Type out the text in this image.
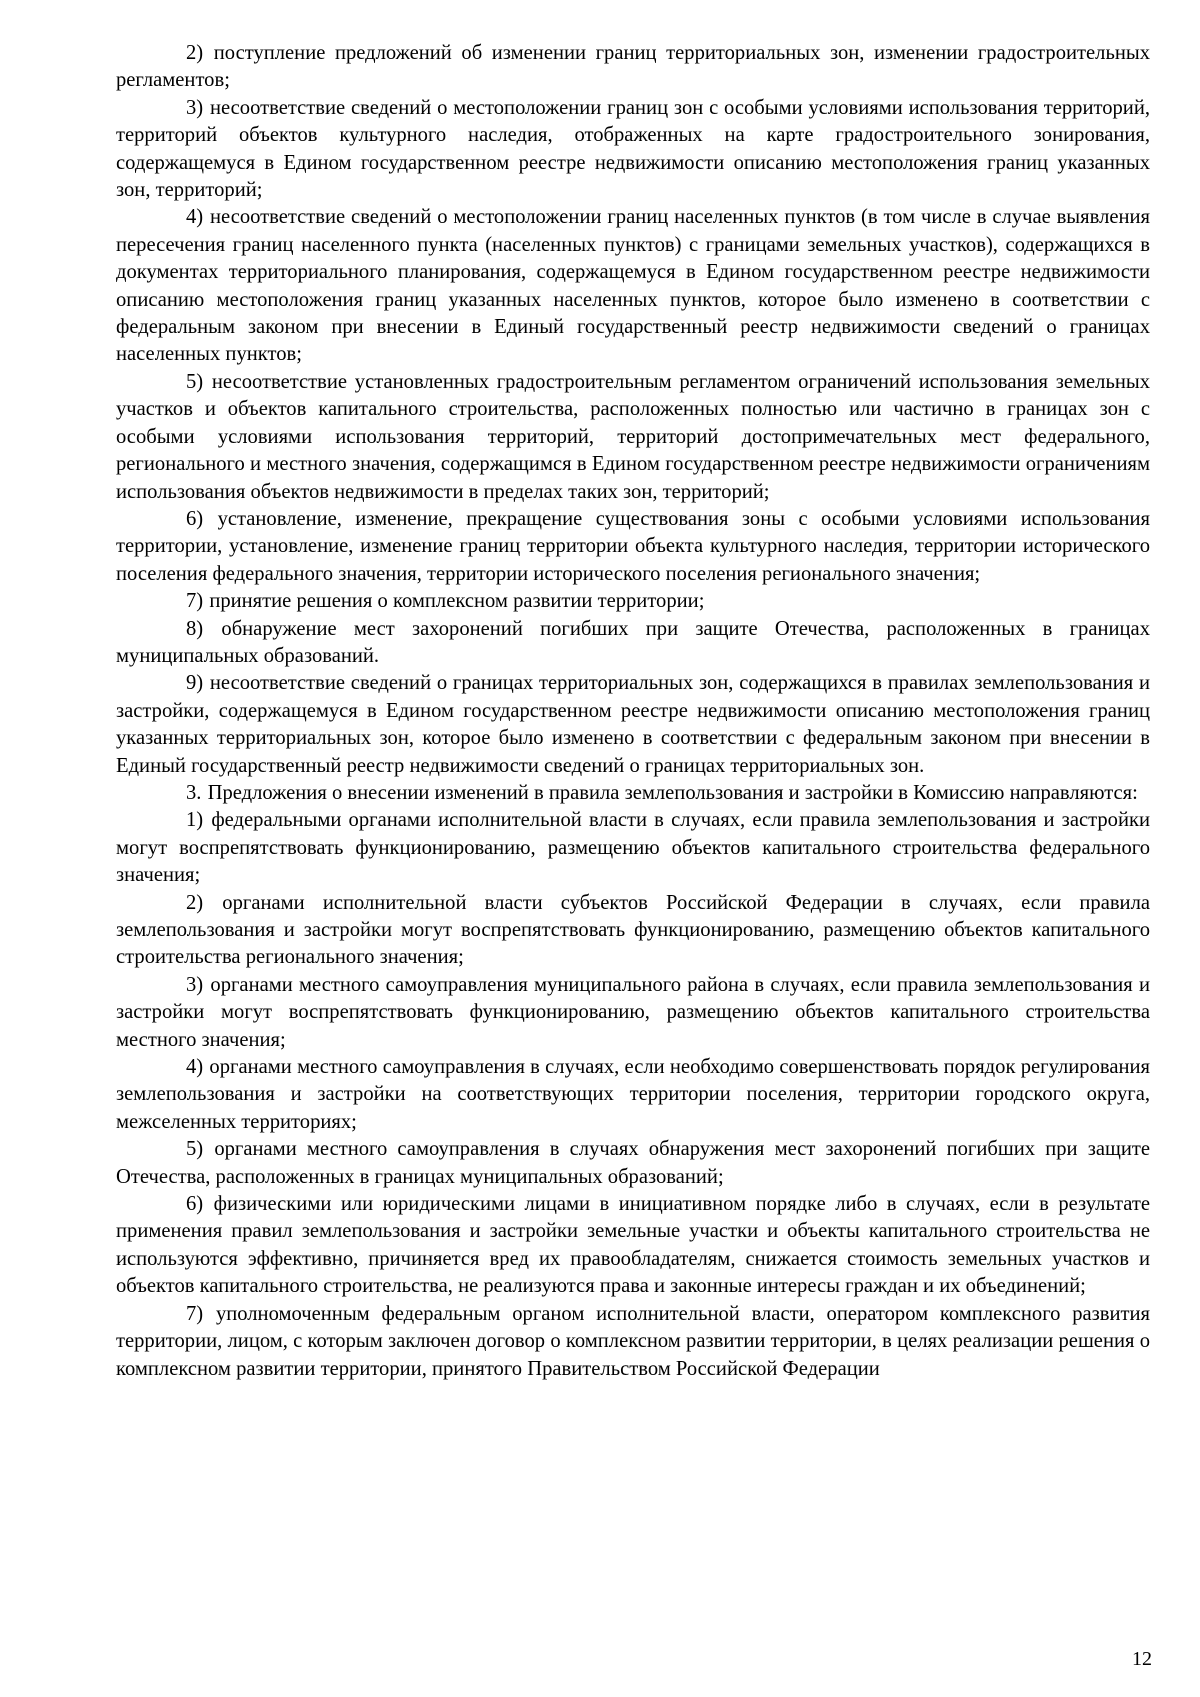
2) поступление предложений об изменении границ территориальных зон, изменении градостроительных регламентов;

3) несоответствие сведений о местоположении границ зон с особыми условиями использования территорий, территорий объектов культурного наследия, отображенных на карте градостроительного зонирования, содержащемуся в Едином государственном реестре недвижимости описанию местоположения границ указанных зон, территорий;

4) несоответствие сведений о местоположении границ населенных пунктов (в том числе в случае выявления пересечения границ населенного пункта (населенных пунктов) с границами земельных участков), содержащихся в документах территориального планирования, содержащемуся в Едином государственном реестре недвижимости описанию местоположения границ указанных населенных пунктов, которое было изменено в соответствии с федеральным законом при внесении в Единый государственный реестр недвижимости сведений о границах населенных пунктов;

5) несоответствие установленных градостроительным регламентом ограничений использования земельных участков и объектов капитального строительства, расположенных полностью или частично в границах зон с особыми условиями использования территорий, территорий достопримечательных мест федерального, регионального и местного значения, содержащимся в Едином государственном реестре недвижимости ограничениям использования объектов недвижимости в пределах таких зон, территорий;

6) установление, изменение, прекращение существования зоны с особыми условиями использования территории, установление, изменение границ территории объекта культурного наследия, территории исторического поселения федерального значения, территории исторического поселения регионального значения;

7) принятие решения о комплексном развитии территории;

8) обнаружение мест захоронений погибших при защите Отечества, расположенных в границах муниципальных образований.

9) несоответствие сведений о границах территориальных зон, содержащихся в правилах землепользования и застройки, содержащемуся в Едином государственном реестре недвижимости описанию местоположения границ указанных территориальных зон, которое было изменено в соответствии с федеральным законом при внесении в Единый государственный реестр недвижимости сведений о границах территориальных зон.

3. Предложения о внесении изменений в правила землепользования и застройки в Комиссию направляются:

1) федеральными органами исполнительной власти в случаях, если правила землепользования и застройки могут воспрепятствовать функционированию, размещению объектов капитального строительства федерального значения;

2) органами исполнительной власти субъектов Российской Федерации в случаях, если правила землепользования и застройки могут воспрепятствовать функционированию, размещению объектов капитального строительства регионального значения;

3) органами местного самоуправления муниципального района в случаях, если правила землепользования и застройки могут воспрепятствовать функционированию, размещению объектов капитального строительства местного значения;

4) органами местного самоуправления в случаях, если необходимо совершенствовать порядок регулирования землепользования и застройки на соответствующих территории поселения, территории городского округа, межселенных территориях;

5) органами местного самоуправления в случаях обнаружения мест захоронений погибших при защите Отечества, расположенных в границах муниципальных образований;

6) физическими или юридическими лицами в инициативном порядке либо в случаях, если в результате применения правил землепользования и застройки земельные участки и объекты капитального строительства не используются эффективно, причиняется вред их правообладателям, снижается стоимость земельных участков и объектов капитального строительства, не реализуются права и законные интересы граждан и их объединений;

7) уполномоченным федеральным органом исполнительной власти, оператором комплексного развития территории, лицом, с которым заключен договор о комплексном развитии территории, в целях реализации решения о комплексном развитии территории, принятого Правительством Российской Федерации

12
